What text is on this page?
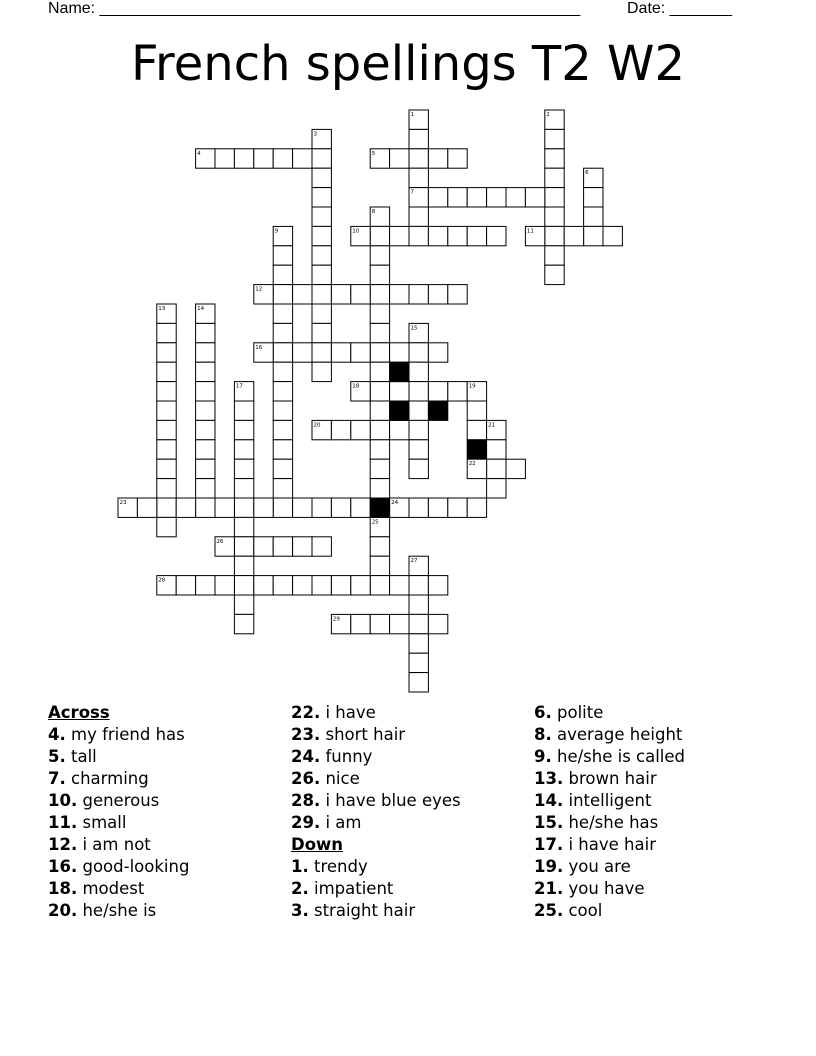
Name: ______________________________________________________	Date: _______
French spellings T2 W2
1	2
3
4	5
6
7
8
9	10	11
12
13	14
15
16
17	18	19
20	21
22
23	24
25
26
27
28
29
Across
4. my friend has
5. tall
7. charming
10. generous
11. small
12. i am not
16. good-looking
18. modest
20. he/she is
22. i have
23. short hair
24. funny
26. nice
28. i have blue eyes
29. i am
Down
1. trendy
2. impatient
3. straight hair
6. polite
8. average height
9. he/she is called
13. brown hair
14. intelligent
15. he/she has
17. i have hair
19. you are
21. you have
25. cool
